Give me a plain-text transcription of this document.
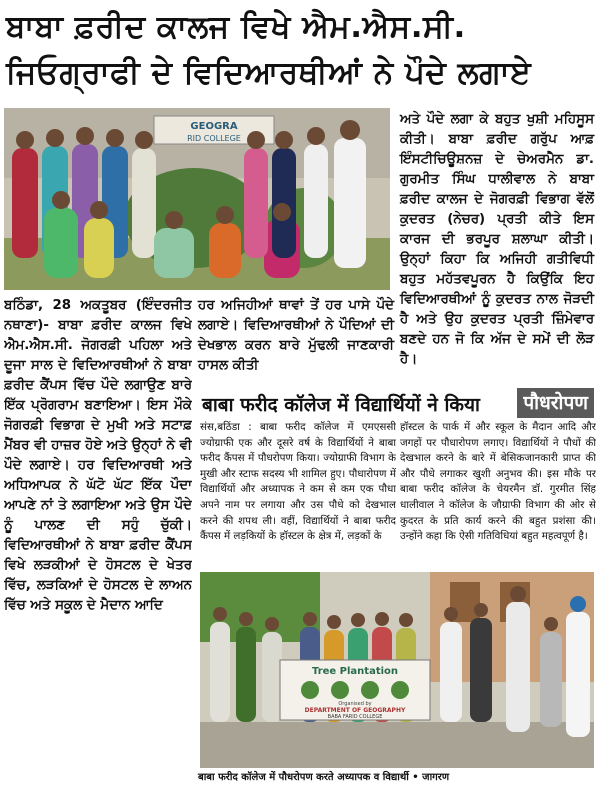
ਬਾਬਾ ਫ਼ਰੀਦ ਕਾਲਜ ਵਿਖੇ ਐਮ.ਐਸ.ਸੀ. ਜਿਓਗ੍ਰਾਫੀ ਦੇ ਵਿਦਿਆਰਥੀਆਂ ਨੇ ਪੌਦੇ ਲਗਾਏ
GEOGRA
RID COLLEGE

ਅਤੇ ਪੌਦੇ ਲਗਾ ਕੇ ਬਹੁਤ ਖੁਸ਼ੀ ਮਹਿਸੂਸ ਕੀਤੀ। ਬਾਬਾ ਫ਼ਰੀਦ ਗਰੁੱਪ ਆਫ਼ ਇੰਸਟੀਚਿਊਸ਼ਨਜ਼ ਦੇ ਚੇਅਰਮੈਨ ਡਾ. ਗੁਰਮੀਤ ਸਿੰਘ ਧਾਲੀਵਾਲ ਨੇ ਬਾਬਾ ਫ਼ਰੀਦ ਕਾਲਜ ਦੇ ਜੋਗਰਫ਼ੀ ਵਿਭਾਗ ਵੱਲੋਂ ਕੁਦਰਤ (ਨੇਚਰ) ਪ੍ਰਤੀ ਕੀਤੇ ਇਸ ਕਾਰਜ ਦੀ ਭਰਪੂਰ ਸ਼ਲਾਘਾ ਕੀਤੀ। ਉਨ੍ਹਾਂ ਕਿਹਾ ਕਿ ਅਜਿਹੀ ਗਤੀਵਿਧੀ ਬਹੁਤ ਮਹੱਤਵਪੂਰਨ ਹੈ ਕਿਉਂਕਿ ਇਹ ਵਿਦਿਆਰਥੀਆਂ ਨੂੰ ਕੁਦਰਤ ਨਾਲ ਜੋੜਦੀ ਹੈ ਅਤੇ ਉਹ ਕੁਦਰਤ ਪ੍ਰਤੀ ਜ਼ਿੰਮੇਵਾਰ ਬਣਦੇ ਹਨ ਜੋ ਕਿ ਅੱਜ ਦੇ ਸਮੇਂ ਦੀ ਲੋੜ ਹੈ।

ਬਠਿੰਡਾ, 28 ਅਕਤੂਬਰ (ਇੰਦਰਜੀਤ ਨਥਾਣਾ)- ਬਾਬਾ ਫ਼ਰੀਦ ਕਾਲਜ ਵਿਖੇ ਐਮ.ਐਸ.ਸੀ. ਜੋਗਰਫ਼ੀ ਪਹਿਲਾ ਅਤੇ ਦੂਜਾ ਸਾਲ ਦੇ ਵਿਦਿਆਰਥੀਆਂ ਨੇ ਬਾਬਾ ਫ਼ਰੀਦ ਕੈਂਪਸ ਵਿੱਚ ਪੌਦੇ ਲਗਾਉਣ ਬਾਰੇ ਇੱਕ ਪ੍ਰੋਗਰਾਮ ਬਣਾਇਆ। ਇਸ ਮੌਕੇ ਜੋਗਰਫ਼ੀ ਵਿਭਾਗ ਦੇ ਮੁਖੀ ਅਤੇ ਸਟਾਫ਼ ਮੈਂਬਰ ਵੀ ਹਾਜ਼ਰ ਹੋਏ ਅਤੇ ਉਨ੍ਹਾਂ ਨੇ ਵੀ ਪੌਦੇ ਲਗਾਏ। ਹਰ ਵਿਦਿਆਰਥੀ ਅਤੇ ਅਧਿਆਪਕ ਨੇ ਘੱਟੋ ਘੱਟ ਇੱਕ ਪੌਦਾ ਆਪਣੇ ਨਾਂ ਤੇ ਲਗਾਇਆ ਅਤੇ ਉਸ ਪੌਦੇ ਨੂੰ ਪਾਲਣ ਦੀ ਸਹੁੰ ਚੁੱਕੀ। ਵਿਦਿਆਰਥੀਆਂ ਨੇ ਬਾਬਾ ਫ਼ਰੀਦ ਕੈਂਪਸ ਵਿਖੇ ਲੜਕੀਆਂ ਦੇ ਹੋਸਟਲ ਦੇ ਖੇਤਰ ਵਿੱਚ, ਲੜਕਿਆਂ ਦੇ ਹੋਸਟਲ ਦੇ ਲਾਅਨ ਵਿੱਚ ਅਤੇ ਸਕੂਲ ਦੇ ਮੈਦਾਨ ਆਦਿ

ਹਰ ਅਜਿਹੀਆਂ ਥਾਵਾਂ ਤੇਂ ਹਰ ਪਾਸੇ ਪੌਦੇ ਲਗਾਏ। ਵਿਦਿਆਰਥੀਆਂ ਨੇ ਪੌਦਿਆਂ ਦੀ ਦੇਖਭਾਲ ਕਰਨ ਬਾਰੇ ਮੁੱਢਲੀ ਜਾਣਕਾਰੀ ਹਾਸਲ ਕੀਤੀ

बाबा फरीद कॉलेज में विद्यार्थियों ने किया	पौधरोपण

संस,बठिंडा : बाबा फरीद कॉलेज में एमएससी ज्योग्राफी एक और दूसरे वर्ष के विद्यार्थियों ने बाबा फरीद कैंपस में पौधरोपण किया। ज्योग्राफी विभाग के मुखी और स्टाफ सदस्य भी शामिल हुए। पौधारोपण में विद्यार्थियों और अध्यापक ने कम से कम एक पौधा अपने नाम पर लगाया और उस पौधे को देखभाल करने की शपथ ली। वहीं, विद्यार्थियों ने बाबा फरीद कैंपस में लड़कियों के हॉस्टल के क्षेत्र में, लड़कों के

हॉस्टल के पार्क में और स्कूल के मैदान आदि और जगहों पर पौधारोपण लगाए। विद्यार्थियों ने पौधों की देखभाल करने के बारे में बेसिकजानकारी प्राप्त की और पौधे लगाकर खुशी अनुभव की। इस मौके पर बाबा फरीद कॉलेज के चेयरमैन डॉ. गुरमीत सिंह धालीवाल ने कॉलेज के जौग्राफी विभाग की ओर से कुदरत के प्रति कार्य करने की बहुत प्रशंसा की। उन्होंने कहा कि ऐसी गतिविधियां बहुत महत्वपूर्ण है।

Tree Plantation
Organised by
DEPARTMENT OF GEOGRAPHY
BABA FARID COLLEGE
बाबा फरीद कॉलेज में पौधरोपण करते अध्यापक व विद्यार्थी • जागरण
